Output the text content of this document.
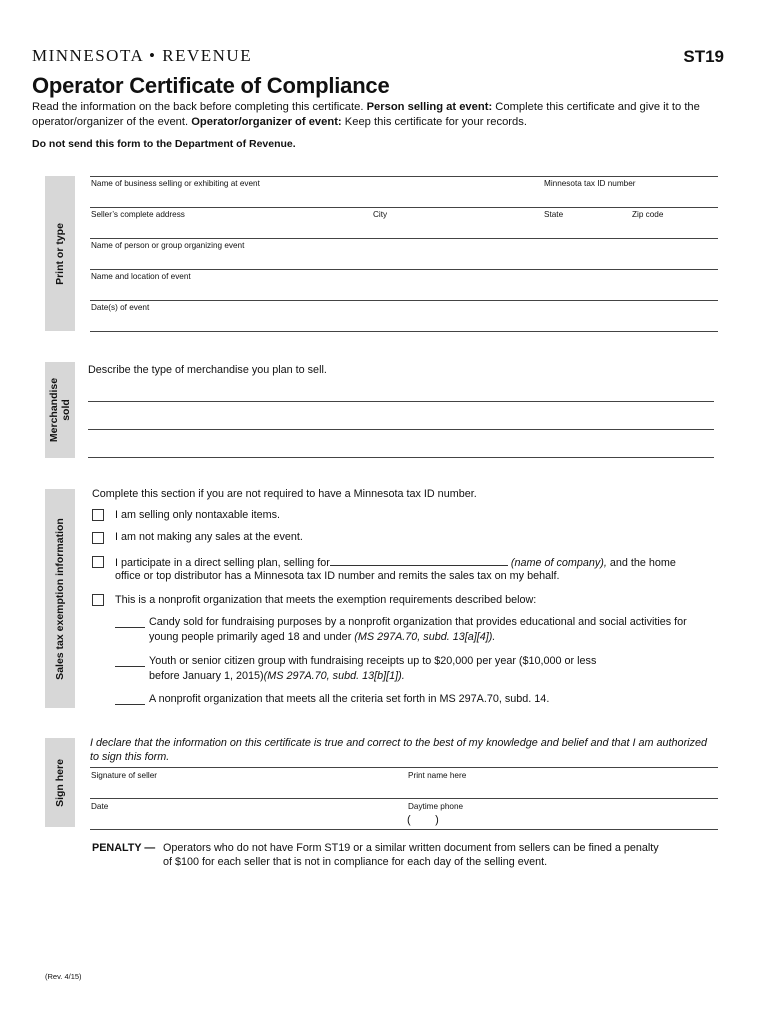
MINNESOTA • REVENUE	ST19
Operator Certificate of Compliance
Read the information on the back before completing this certificate. Person selling at event: Complete this certificate and give it to the operator/organizer of the event. Operator/organizer of event: Keep this certificate for your records.
Do not send this form to the Department of Revenue.
Print or type
Name of business selling or exhibiting at event	Minnesota tax ID number
Seller’s complete address	City	State	Zip code
Name of person or group organizing event
Name and location of event
Date(s) of event
Merchandise sold
Describe the type of merchandise you plan to sell.
Sales tax exemption information
Complete this section if you are not required to have a Minnesota tax ID number.
I am selling only nontaxable items.
I am not making any sales at the event.
I participate in a direct selling plan, selling for	(name of company), and the home
office or top distributor has a Minnesota tax ID number and remits the sales tax on my behalf.
This is a nonprofit organization that meets the exemption requirements described below:
Candy sold for fundraising purposes by a nonprofit organization that provides educational and social activities for
young people primarily aged 18 and under (MS 297A.70, subd. 13[a][4]).
Youth or senior citizen group with fundraising receipts up to $20,000 per year ($10,000 or less
before January 1, 2015)(MS 297A.70, subd. 13[b][1]).
A nonprofit organization that meets all the criteria set forth in MS 297A.70, subd. 14.
Sign here
I declare that the information on this certificate is true and correct to the best of my knowledge and belief and that I am authorized to sign this form.
Signature of seller	Print name here
Date	Daytime phone
(        )
PENALTY — Operators who do not have Form ST19 or a similar written document from sellers can be fined a penalty
of $100 for each seller that is not in compliance for each day of the selling event.
(Rev. 4/15)
